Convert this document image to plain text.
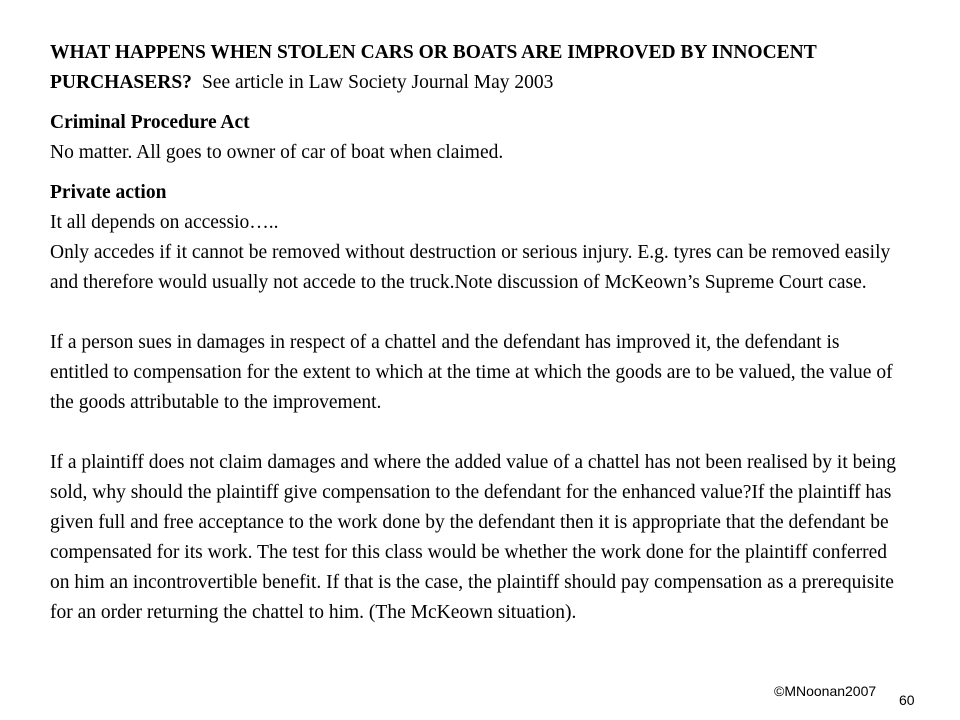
WHAT HAPPENS WHEN STOLEN CARS OR BOATS ARE IMPROVED BY INNOCENT PURCHASERS? See article in Law Society Journal May 2003

Criminal Procedure Act
No matter. All goes to owner of car of boat when claimed.

Private action
It all depends on accessio…..
Only accedes if it cannot be removed without destruction or serious injury. E.g. tyres can be removed easily and therefore would usually not accede to the truck.Note discussion of McKeown’s Supreme Court case.

If a person sues in damages in respect of a chattel and the defendant has improved it, the defendant is entitled to compensation for the extent to which at the time at which the goods are to be valued, the value of the goods attributable to the improvement.

If a plaintiff does not claim damages and where the added value of a chattel has not been realised by it being sold, why should the plaintiff give compensation to the defendant for the enhanced value?If the plaintiff has given full and free acceptance to the work done by the defendant then it is appropriate that the defendant be compensated for its work. The test for this class would be whether the work done for the plaintiff conferred on him an incontrovertible benefit. If that is the case, the plaintiff should pay compensation as a prerequisite for an order returning the chattel to him. (The McKeown situation).

©MNoonan2007
60
